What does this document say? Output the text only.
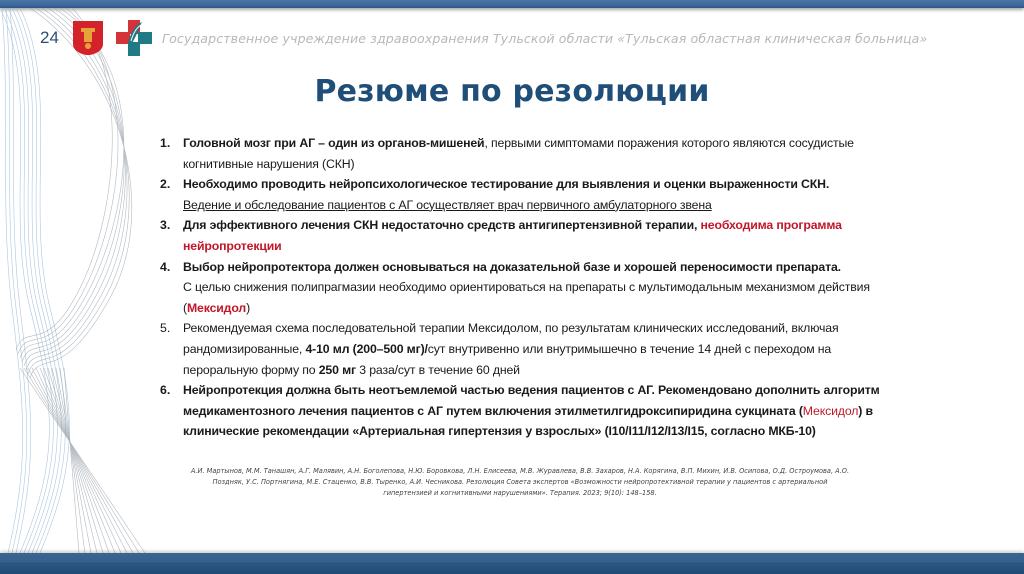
24	Государственное учреждение здравоохранения Тульской области «Тульская областная клиническая больница»
Резюме по резолюции
1.	Головной мозг при АГ – один из органов-мишеней, первыми симптомами поражения которого являются сосудистые когнитивные нарушения (СКН)
2.	Необходимо проводить нейропсихологическое тестирование для выявления и оценки выраженности СКН.
Ведение и обследование пациентов с АГ осуществляет врач первичного амбулаторного звена
3.	Для эффективного лечения СКН недостаточно средств антигипертензивной терапии, необходима программа нейропротекции
4.	Выбор нейропротектора должен основываться на доказательной базе и хорошей переносимости препарата.
С целью снижения полипрагмазии необходимо ориентироваться на препараты с мультимодальным механизмом действия (Мексидол)
5.	Рекомендуемая схема последовательной терапии Мексидолом, по результатам клинических исследований, включая рандомизированные, 4-10 мл (200–500 мг)/сут внутривенно или внутримышечно в течение 14 дней с переходом на пероральную форму по 250 мг 3 раза/сут в течение 60 дней
6.	Нейропротекция должна быть неотъемлемой частью ведения пациентов с АГ. Рекомендовано дополнить алгоритм медикаментозного лечения пациентов с АГ путем включения этилметилгидроксипиридина сукцината (Мексидол) в клинические рекомендации «Артериальная гипертензия у взрослых» (I10/I11/I12/I13/I15, согласно МКБ-10)
А.И. Мартынов, М.М. Танашян, А.Г. Малявин, А.Н. Боголепова, Н.Ю. Боровкова, Л.Н. Елисеева, М.В. Журавлева, В.В. Захаров, Н.А. Корягина, В.П. Михин, И.В. Осипова, О.Д. Остроумова, А.О.
Поздняк, У.С. Портнягина, М.Е. Стаценко, В.В. Тыренко, А.И. Чесникова. Резолюция Совета экспертов «Возможности нейропротективной терапии у пациентов с артериальной
гипертензией и когнитивными нарушениями». Терапия. 2023; 9(10): 148–158.
